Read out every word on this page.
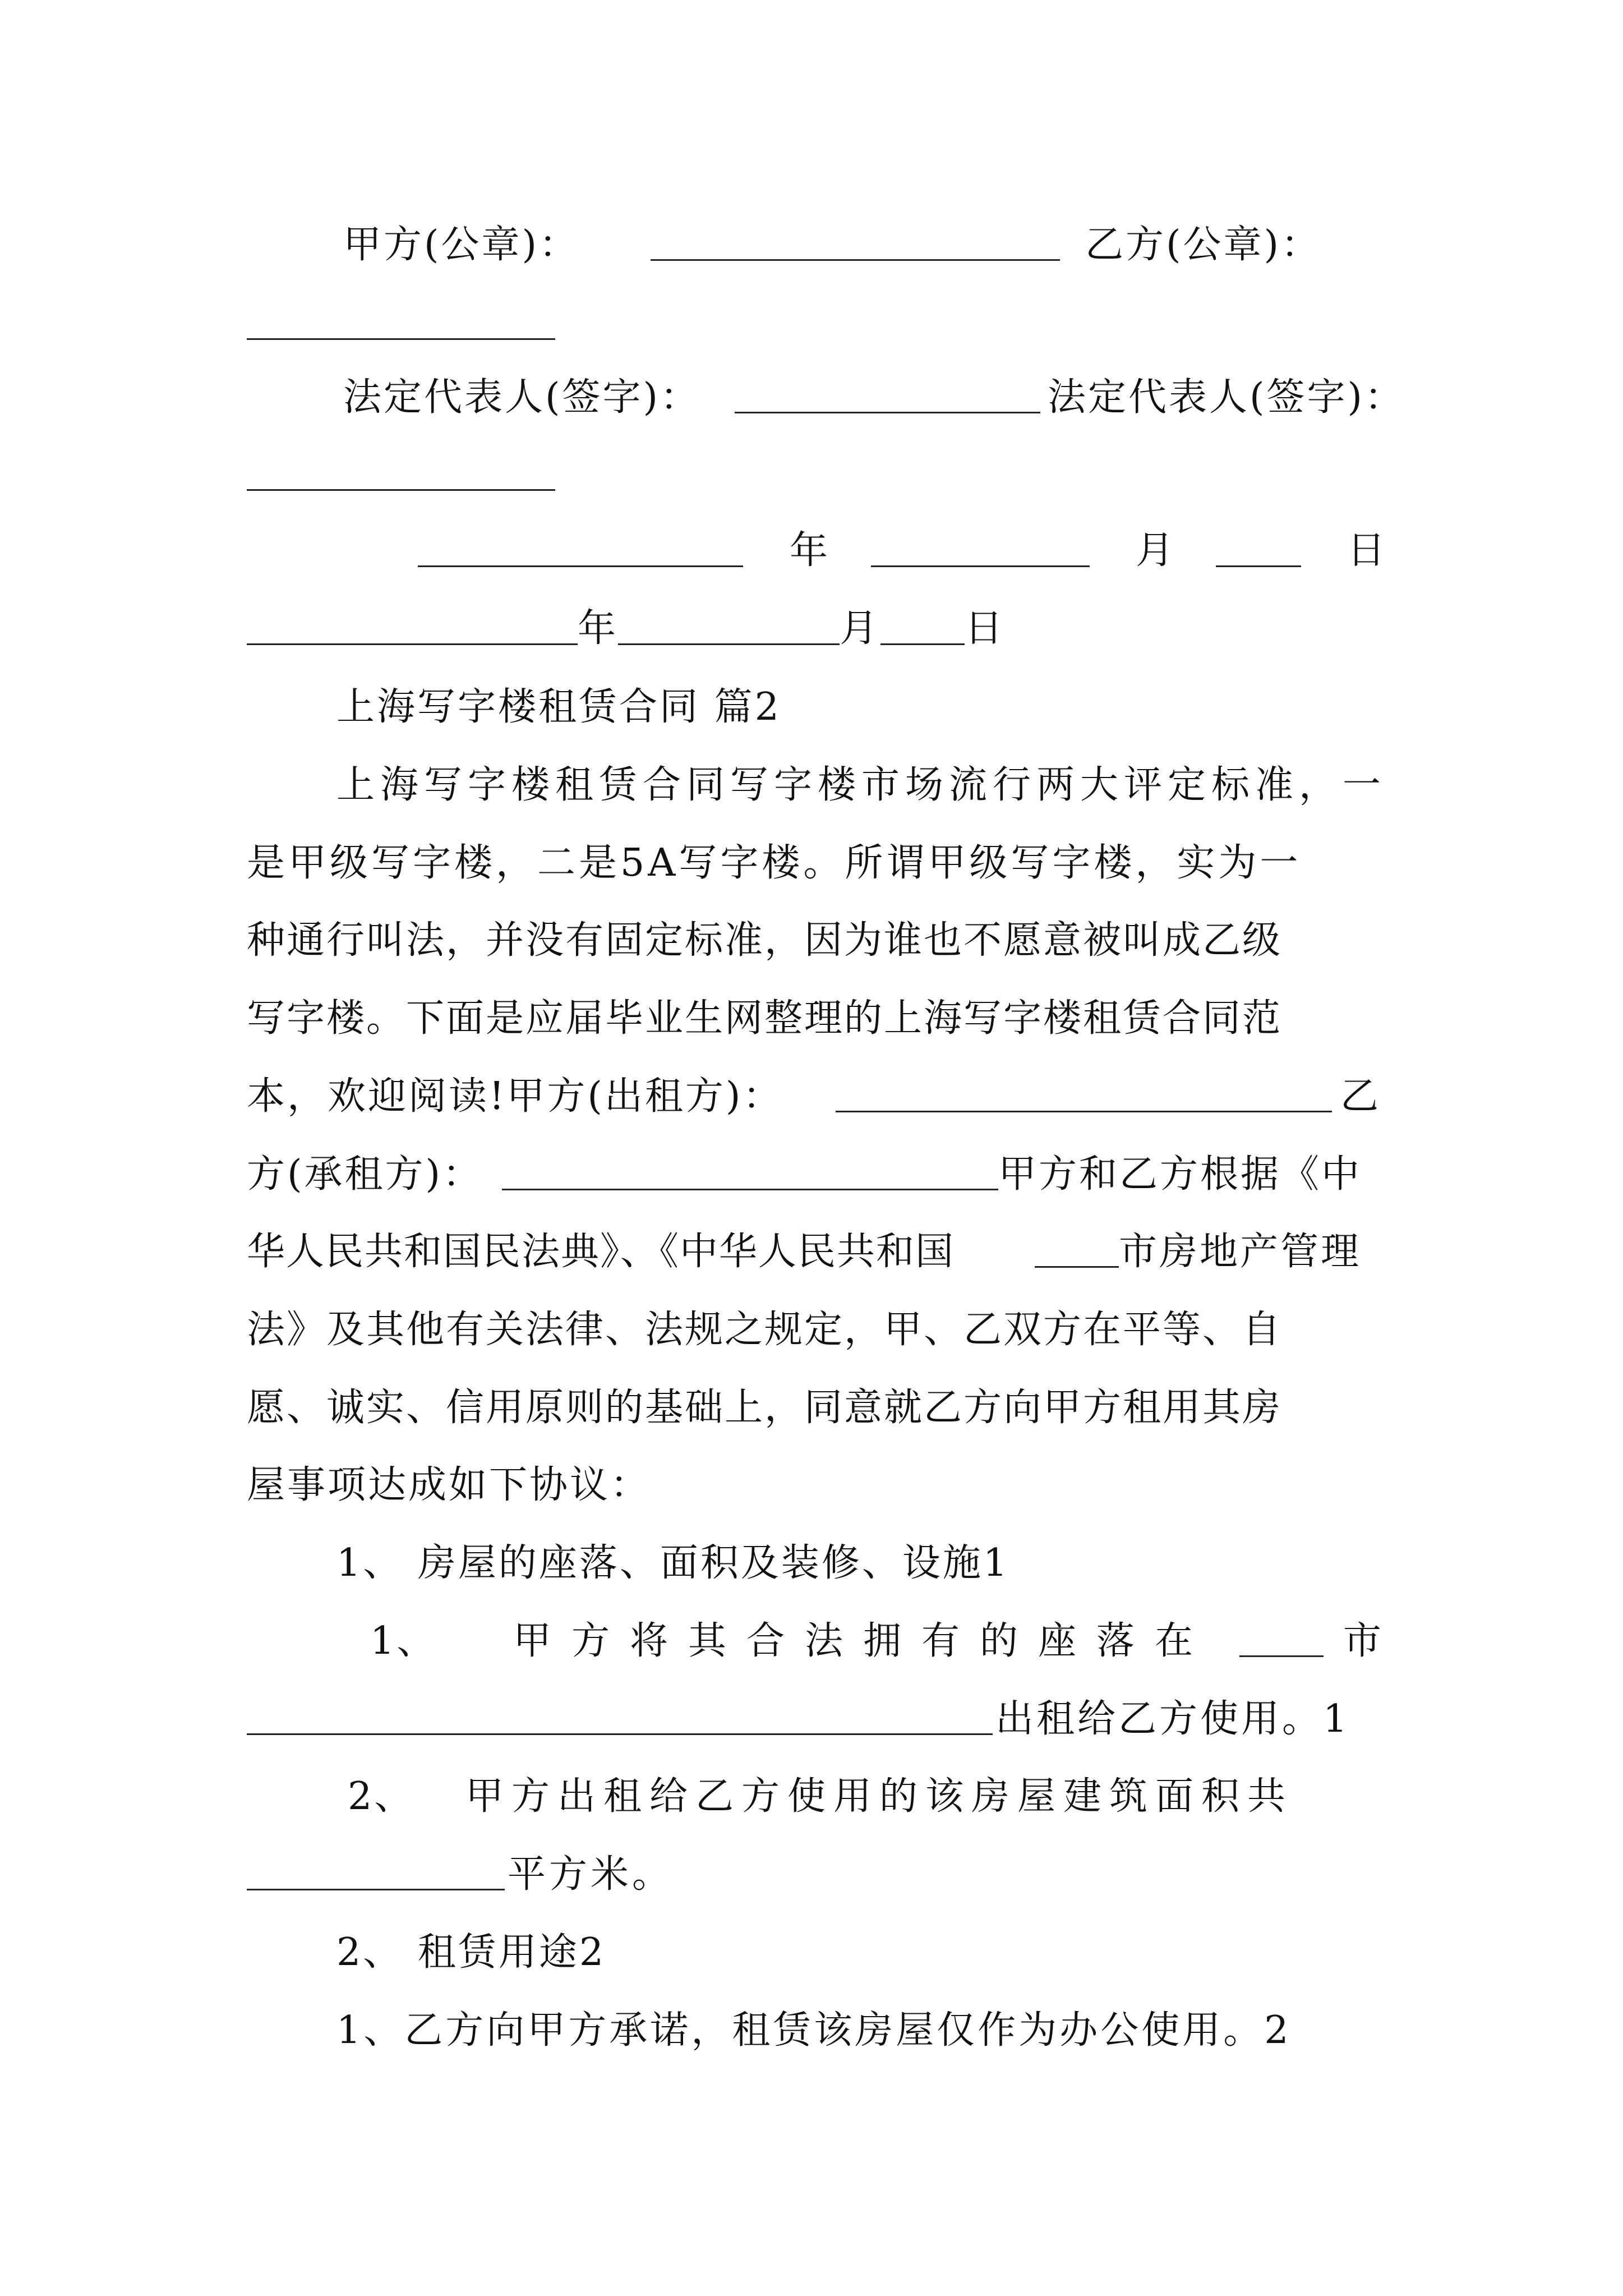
甲方(公章)：	乙方(公章)：
法定代表人(签字)：	法定代表人(签字)：
年	月	日
年	月 日
上海写字楼租赁合同 篇2
上海写字楼租赁合同写字楼市场流行两大评定标准，一
是甲级写字楼，二是5A写字楼。所谓甲级写字楼，实为一
种通行叫法，并没有固定标准，因为谁也不愿意被叫成乙级
写字楼。下面是应届毕业生网整理的上海写字楼租赁合同范
本，欢迎阅读!甲方(出租方)：	乙
方(承租方)：	甲方和乙方根据《中
华人民共和国民法典》、《中华人民共和国	市房地产管理
法》及其他有关法律、法规之规定，甲、乙双方在平等、自
愿、诚实、信用原则的基础上，同意就乙方向甲方租用其房
屋事项达成如下协议：
1、 房屋的座落、面积及装修、设施1
1、 甲方将其合法拥有的座落在	市
出租给乙方使用。1
2、 甲方出租给乙方使用的该房屋建筑面积共
平方米。
2、 租赁用途2
1、乙方向甲方承诺，租赁该房屋仅作为办公使用。2
